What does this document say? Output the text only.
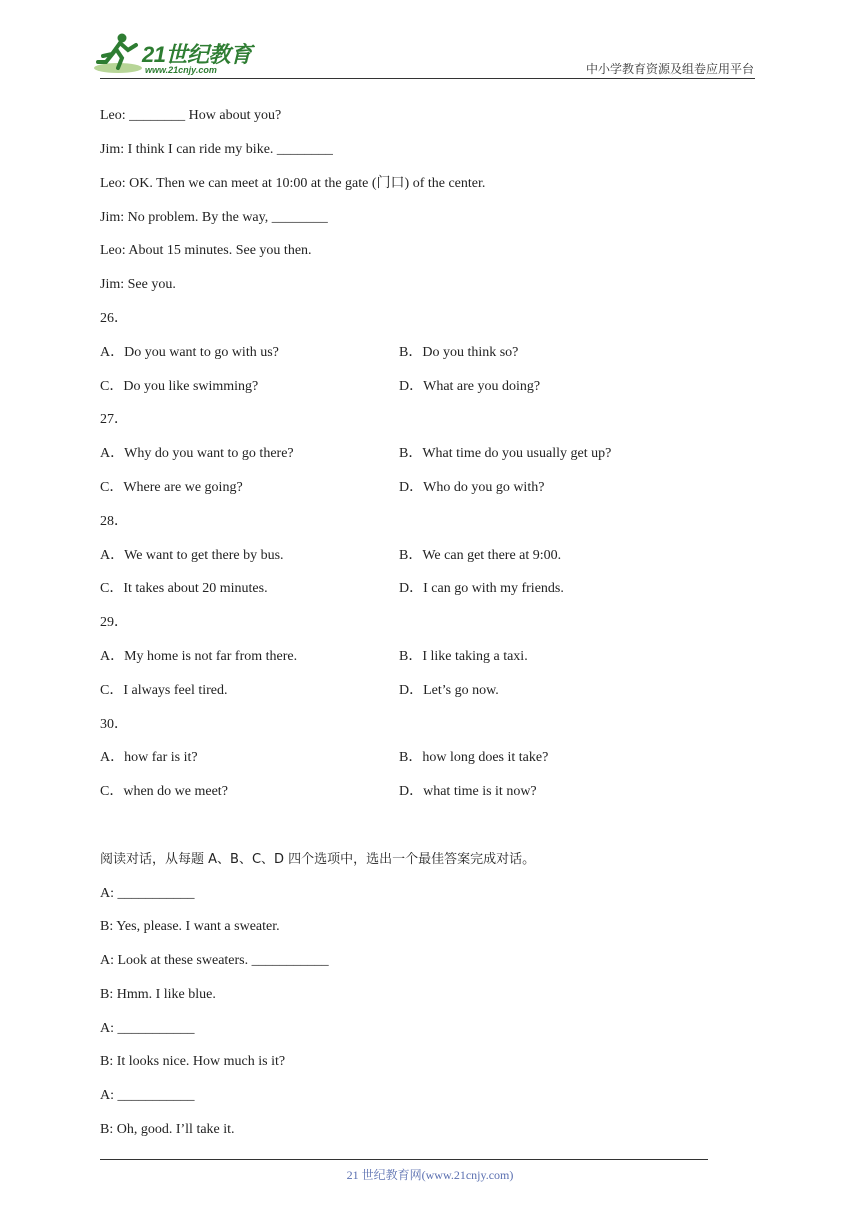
21世纪教育
www.21cnjy.com	中小学教育资源及组卷应用平台
Leo: ________ How about you?
Jim: I think I can ride my bike. ________
Leo: OK. Then we can meet at 10:00 at the gate (门口) of the center.
Jim: No problem. By the way, ________
Leo: About 15 minutes. See you then.
Jim: See you.
26．
A．Do you want to go with us?	B．Do you think so?
C．Do you like swimming?	D．What are you doing?
27．
A．Why do you want to go there?	B．What time do you usually get up?
C．Where are we going?	D．Who do you go with?
28．
A．We want to get there by bus.	B．We can get there at 9:00.
C．It takes about 20 minutes.	D．I can go with my friends.
29．
A．My home is not far from there.	B．I like taking a taxi.
C．I always feel tired.	D．Let’s go now.
30．
A．how far is it?	B．how long does it take?
C．when do we meet?	D．what time is it now?
阅读对话，从每题 A、B、C、D 四个选项中，选出一个最佳答案完成对话。
A: ___________
B: Yes, please. I want a sweater.
A: Look at these sweaters. ___________
B: Hmm. I like blue.
A: ___________
B: It looks nice. How much is it?
A: ___________
B: Oh, good. I’ll take it.
21 世纪教育网(www.21cnjy.com)
